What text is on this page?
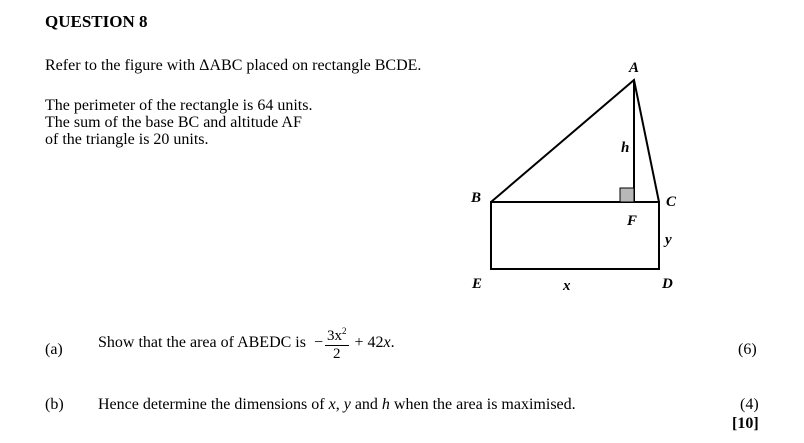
QUESTION 8
Refer to the figure with ΔABC placed on rectangle BCDE.
The perimeter of the rectangle is 64 units.
The sum of the base BC and altitude AF
of the triangle is 20 units.
A
B	C
D
E
F
h
x
y
(a) Show that the area of ABEDC is − $\frac{3x^2}{2} + 42x$.	(6)
(b) Hence determine the dimensions of x, y and h when the area is maximised.	(4)
[10]
